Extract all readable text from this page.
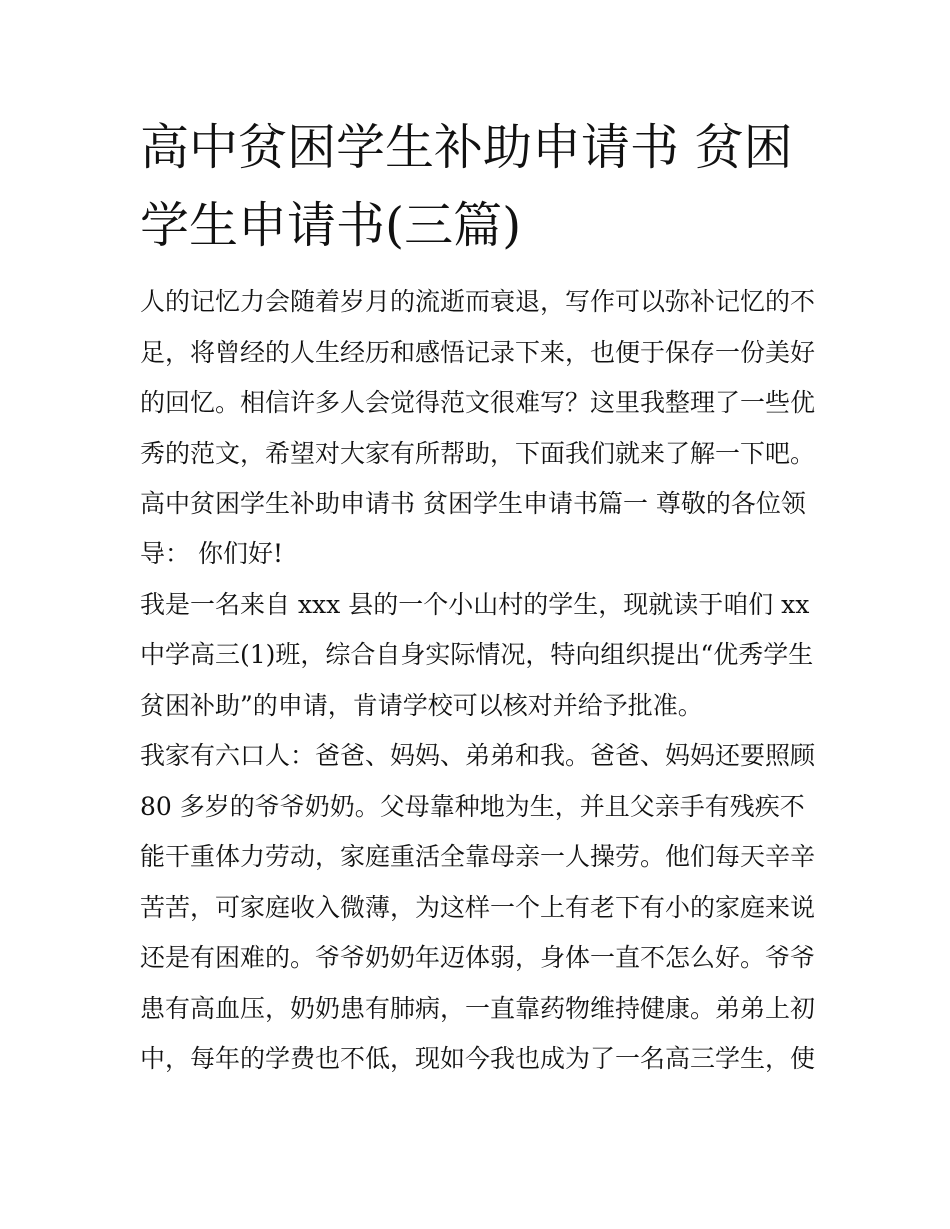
高中贫困学生补助申请书 贫困
学生申请书(三篇)
人的记忆力会随着岁月的流逝而衰退，写作可以弥补记忆的不
足，将曾经的人生经历和感悟记录下来，也便于保存一份美好
的回忆。相信许多人会觉得范文很难写？这里我整理了一些优
秀的范文，希望对大家有所帮助，下面我们就来了解一下吧。
高中贫困学生补助申请书 贫困学生申请书篇一 尊敬的各位领
导： 你们好!
我是一名来自 xxx 县的一个小山村的学生，现就读于咱们 xx
中学高三(1)班，综合自身实际情况，特向组织提出“优秀学生
贫困补助”的申请，肯请学校可以核对并给予批准。
我家有六口人：爸爸、妈妈、弟弟和我。爸爸、妈妈还要照顾
80 多岁的爷爷奶奶。父母靠种地为生，并且父亲手有残疾不
能干重体力劳动，家庭重活全靠母亲一人操劳。他们每天辛辛
苦苦，可家庭收入微薄，为这样一个上有老下有小的家庭来说
还是有困难的。爷爷奶奶年迈体弱，身体一直不怎么好。爷爷
患有高血压，奶奶患有肺病，一直靠药物维持健康。弟弟上初
中，每年的学费也不低，现如今我也成为了一名高三学生，使
